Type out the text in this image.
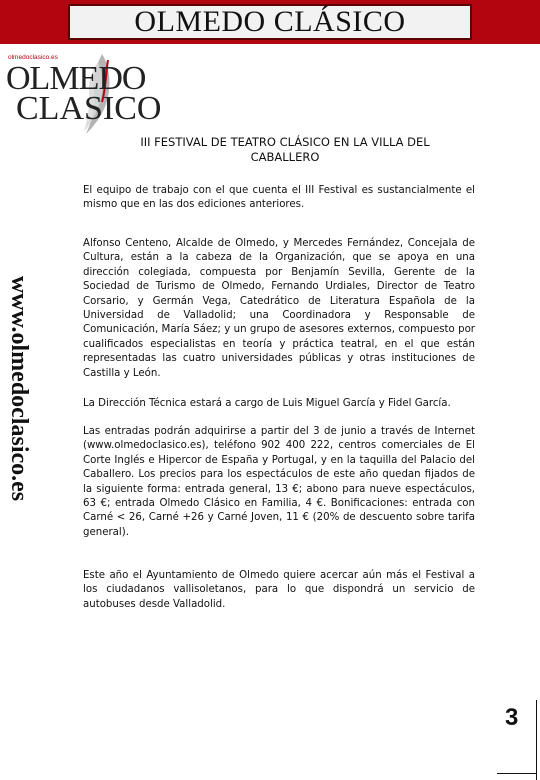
OLMEDO CLÁSICO
olmedoclasico.es
OLMEDO
CLASICO
www.olmedoclasico.es
III FESTIVAL DE TEATRO CLÁSICO EN LA VILLA DEL CABALLERO

El equipo de trabajo con el que cuenta el III Festival es sustancialmente el mismo que en las dos ediciones anteriores.

Alfonso Centeno, Alcalde de Olmedo, y Mercedes Fernández, Concejala de Cultura, están a la cabeza de la Organización, que se apoya en una dirección colegiada, compuesta por Benjamín Sevilla, Gerente de la Sociedad de Turismo de Olmedo, Fernando Urdiales, Director de Teatro Corsario, y Germán Vega, Catedrático de Literatura Española de la Universidad de Valladolid; una Coordinadora y Responsable de Comunicación, María Sáez; y un grupo de asesores externos, compuesto por cualificados especialistas en teoría y práctica teatral, en el que están representadas las cuatro universidades públicas y otras instituciones de Castilla y León.

La Dirección Técnica estará a cargo de Luis Miguel García y Fidel García.

Las entradas podrán adquirirse a partir del 3 de junio a través de Internet (www.olmedoclasico.es), teléfono 902 400 222, centros comerciales de El Corte Inglés e Hipercor de España y Portugal, y en la taquilla del Palacio del Caballero. Los precios para los espectáculos de este año quedan fijados de la siguiente forma: entrada general, 13 €; abono para nueve espectáculos, 63 €; entrada Olmedo Clásico en Familia, 4 €. Bonificaciones: entrada con Carné < 26, Carné +26 y Carné Joven, 11 € (20% de descuento sobre tarifa general).

Este año el Ayuntamiento de Olmedo quiere acercar aún más el Festival a los ciudadanos vallisoletanos, para lo que dispondrá un servicio de autobuses desde Valladolid.

3
